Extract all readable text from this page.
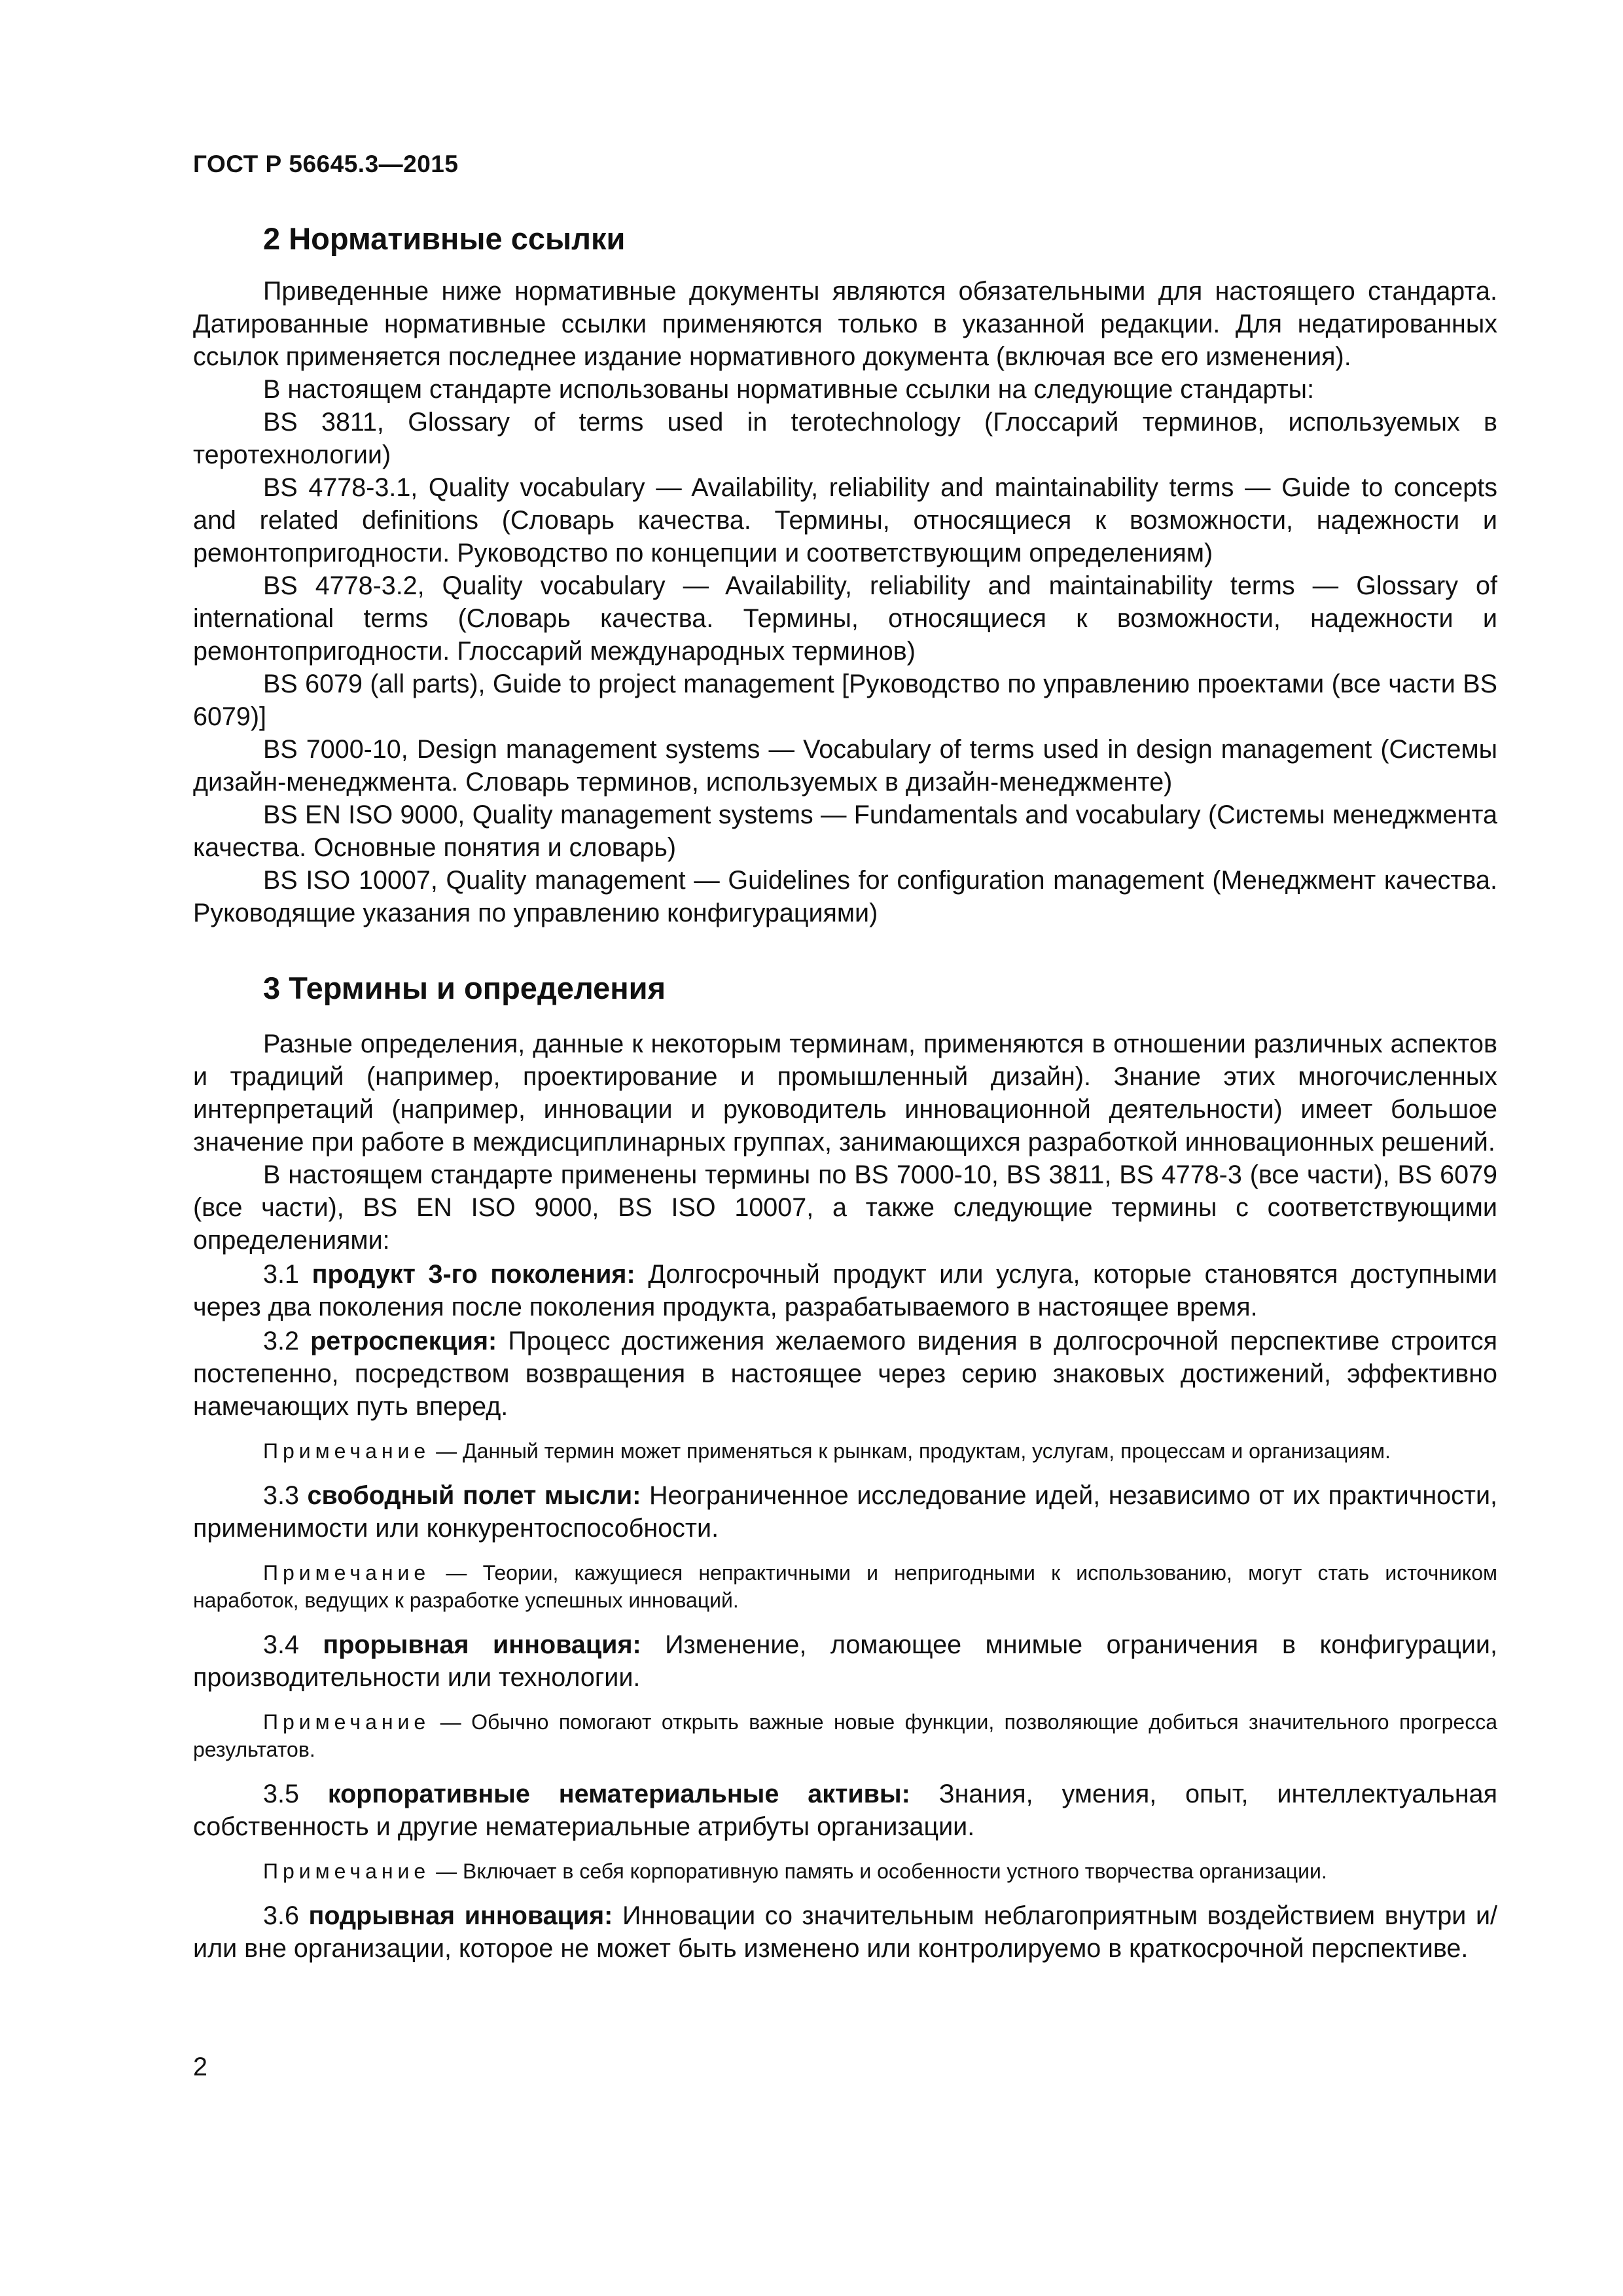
ГОСТ Р 56645.3—2015
2 Нормативные ссылки

Приведенные ниже нормативные документы являются обязательными для настоящего стандарта. Датированные нормативные ссылки применяются только в указанной редакции. Для недатированных ссылок применяется последнее издание нормативного документа (включая все его изменения).

В настоящем стандарте использованы нормативные ссылки на следующие стандарты:

BS 3811, Glossary of terms used in terotechnology (Глоссарий терминов, используемых в терoтехнологии)

BS 4778-3.1, Quality vocabulary — Availability, reliability and maintainability terms — Guide to concepts and related definitions (Словарь качества. Термины, относящиеся к возможности, надежности и ремонтопригодности. Руководство по концепции и соответствующим определениям)

BS 4778-3.2, Quality vocabulary — Availability, reliability and maintainability terms — Glossary of international terms (Словарь качества. Термины, относящиеся к возможности, надежности и ремонтопригодности. Глоссарий международных терминов)

BS 6079 (all parts), Guide to project management [Руководство по управлению проектами (все части BS 6079)]

BS 7000-10, Design management systems — Vocabulary of terms used in design management (Системы дизайн-менеджмента. Словарь терминов, используемых в дизайн-менеджменте)

BS EN ISO 9000, Quality management systems — Fundamentals and vocabulary (Системы менеджмента качества. Основные понятия и словарь)

BS ISO 10007, Quality management — Guidelines for configuration management (Менеджмент качества. Руководящие указания по управлению конфигурациями)

3 Термины и определения

Разные определения, данные к некоторым терминам, применяются в отношении различных аспектов и традиций (например, проектирование и промышленный дизайн). Знание этих многочисленных интерпретаций (например, инновации и руководитель инновационной деятельности) имеет большое значение при работе в междисциплинарных группах, занимающихся разработкой инновационных решений.

В настоящем стандарте применены термины по BS 7000-10, BS 3811, BS 4778-3 (все части), BS 6079 (все части), BS EN ISO 9000, BS ISO 10007, а также следующие термины с соответствующими определениями:

3.1 продукт 3-го поколения: Долгосрочный продукт или услуга, которые становятся доступными через два поколения после поколения продукта, разрабатываемого в настоящее время.

3.2 ретроспекция: Процесс достижения желаемого видения в долгосрочной перспективе строится постепенно, посредством возвращения в настоящее через серию знаковых достижений, эффективно намечающих путь вперед.

Примечание — Данный термин может применяться к рынкам, продуктам, услугам, процессам и организациям.

3.3 свободный полет мысли: Неограниченное исследование идей, независимо от их практичности, применимости или конкурентоспособности.

Примечание — Теории, кажущиеся непрактичными и непригодными к использованию, могут стать источником наработок, ведущих к разработке успешных инноваций.

3.4 прорывная инновация: Изменение, ломающее мнимые ограничения в конфигурации, производительности или технологии.

Примечание — Обычно помогают открыть важные новые функции, позволяющие добиться значительного прогресса результатов.

3.5 корпоративные нематериальные активы: Знания, умения, опыт, интеллектуальная собственность и другие нематериальные атрибуты организации.

Примечание — Включает в себя корпоративную память и особенности устного творчества организации.

3.6 подрывная инновация: Инновации со значительным неблагоприятным воздействием внутри и/или вне организации, которое не может быть изменено или контролируемо в краткосрочной перспективе.

2
